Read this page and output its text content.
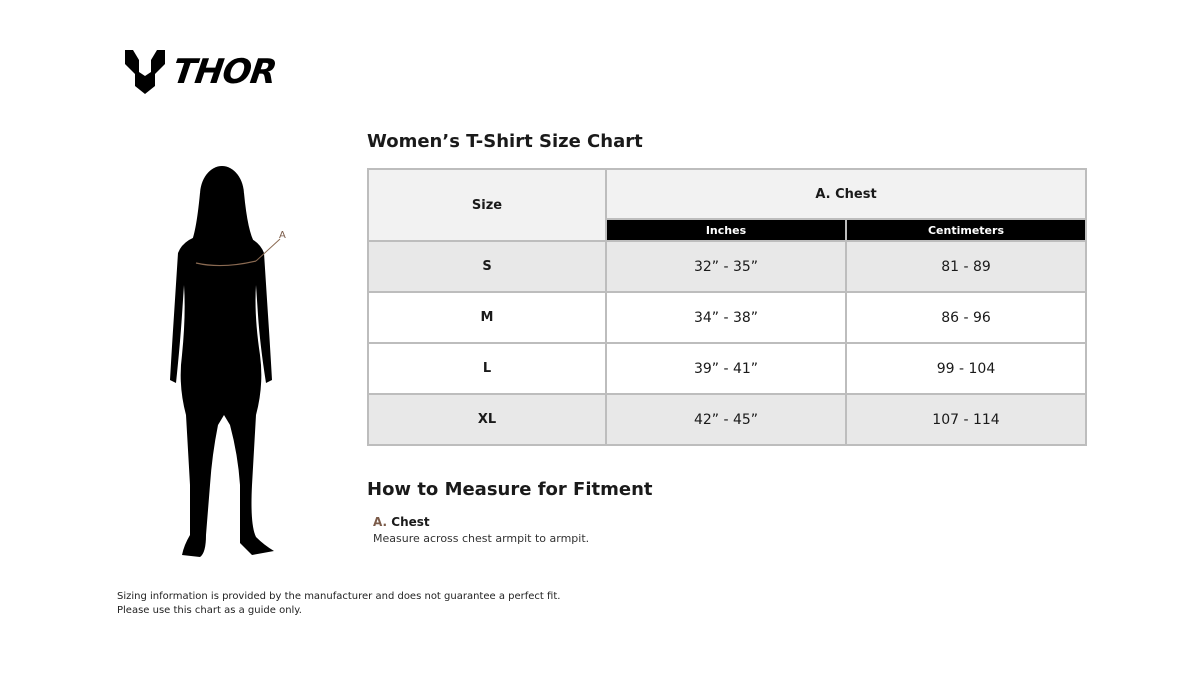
THOR
A
Women’s T-Shirt Size Chart
Size	A. Chest	
	Inches	Centimeters
S	32” - 35”	81 - 89
M	34” - 38”	86 - 96
L	39” - 41”	99 - 104
XL	42” - 45”	107 - 114
How to Measure for Fitment
A. Chest
Measure across chest armpit to armpit.
Sizing information is provided by the manufacturer and does not guarantee a perfect fit.
Please use this chart as a guide only.
